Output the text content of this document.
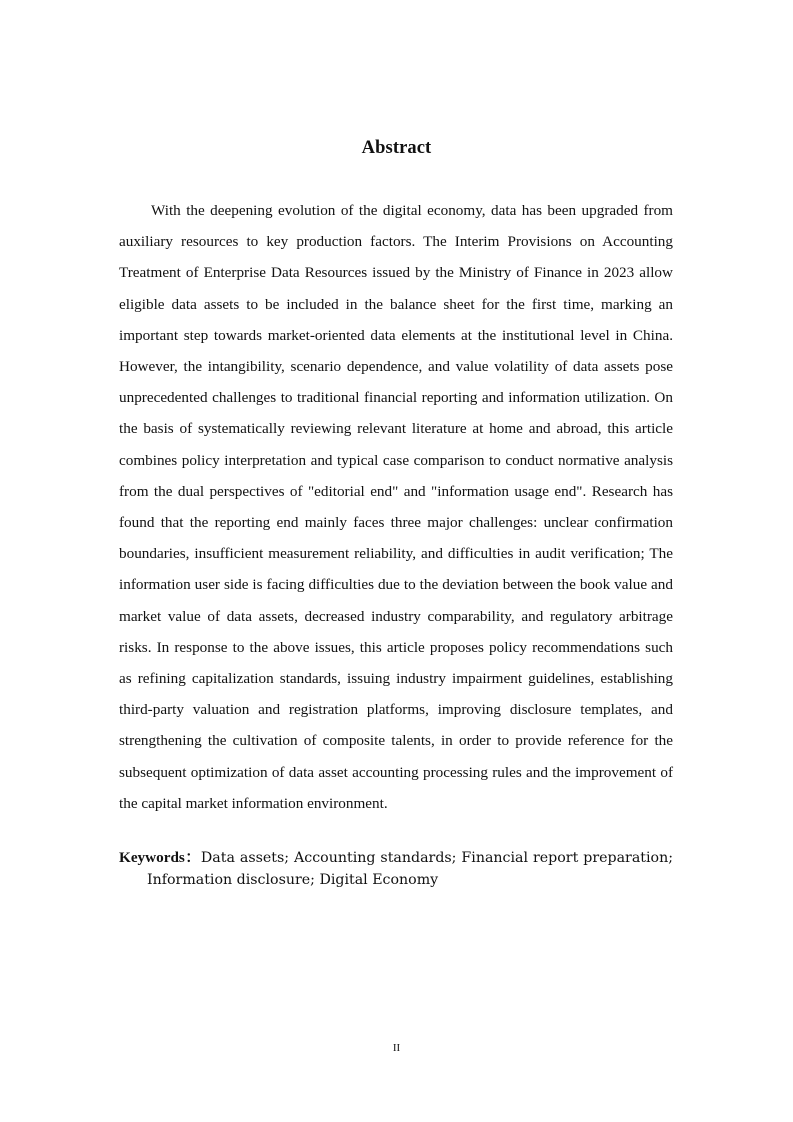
Abstract

With the deepening evolution of the digital economy, data has been upgraded from auxiliary resources to key production factors. The Interim Provisions on Accounting Treatment of Enterprise Data Resources issued by the Ministry of Finance in 2023 allow eligible data assets to be included in the balance sheet for the first time, marking an important step towards market-oriented data elements at the institutional level in China. However, the intangibility, scenario dependence, and value volatility of data assets pose unprecedented challenges to traditional financial reporting and information utilization. On the basis of systematically reviewing relevant literature at home and abroad, this article combines policy interpretation and typical case comparison to conduct normative analysis from the dual perspectives of "editorial end" and "information usage end". Research has found that the reporting end mainly faces three major challenges: unclear confirmation boundaries, insufficient measurement reliability, and difficulties in audit verification; The information user side is facing difficulties due to the deviation between the book value and market value of data assets, decreased industry comparability, and regulatory arbitrage risks. In response to the above issues, this article proposes policy recommendations such as refining capitalization standards, issuing industry impairment guidelines, establishing third-party valuation and registration platforms, improving disclosure templates, and strengthening the cultivation of composite talents, in order to provide reference for the subsequent optimization of data asset accounting processing rules and the improvement of the capital market information environment.

Keywords：Data assets; Accounting standards; Financial report preparation; Information disclosure; Digital Economy

II
